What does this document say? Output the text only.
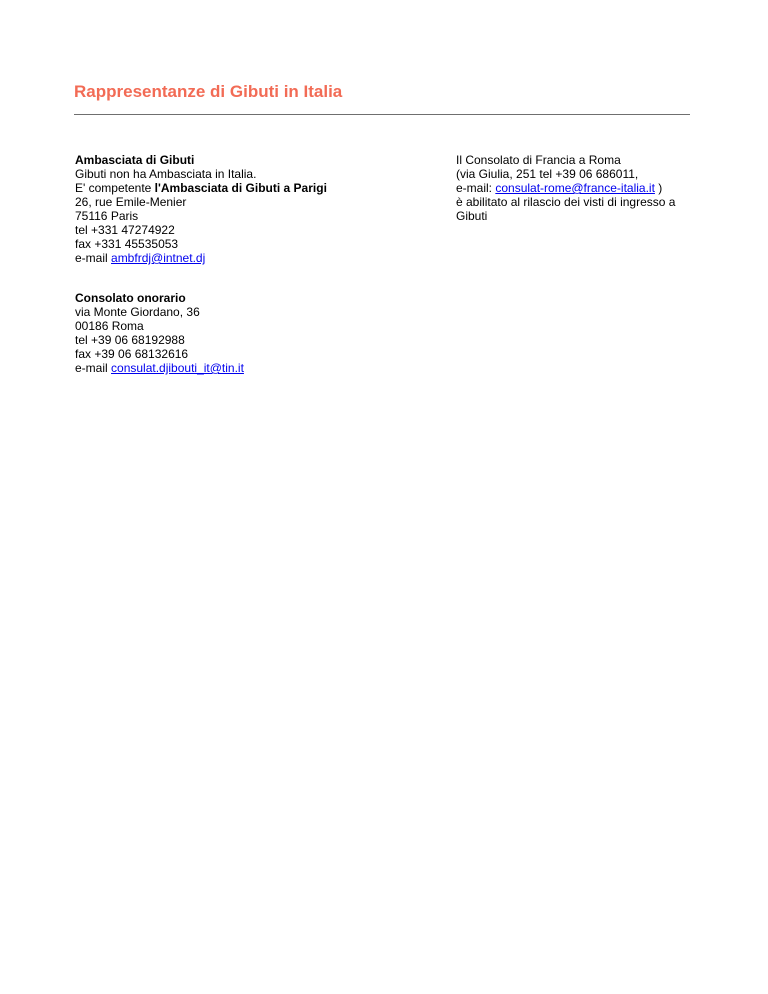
Rappresentanze di Gibuti in Italia
Ambasciata di Gibuti
Gibuti non ha Ambasciata in Italia.
E' competente l'Ambasciata di Gibuti a Parigi
26, rue Emile-Menier
75116 Paris
tel +331 47274922
fax +331 45535053
e-mail ambfrdj@intnet.dj
Consolato onorario
via Monte Giordano, 36
00186 Roma
tel +39 06 68192988
fax +39 06 68132616
e-mail consulat.djibouti_it@tin.it
Il Consolato di Francia a Roma
(via Giulia, 251 tel +39 06 686011,
e-mail: consulat-rome@france-italia.it )
è abilitato al rilascio dei visti di ingresso a
Gibuti
